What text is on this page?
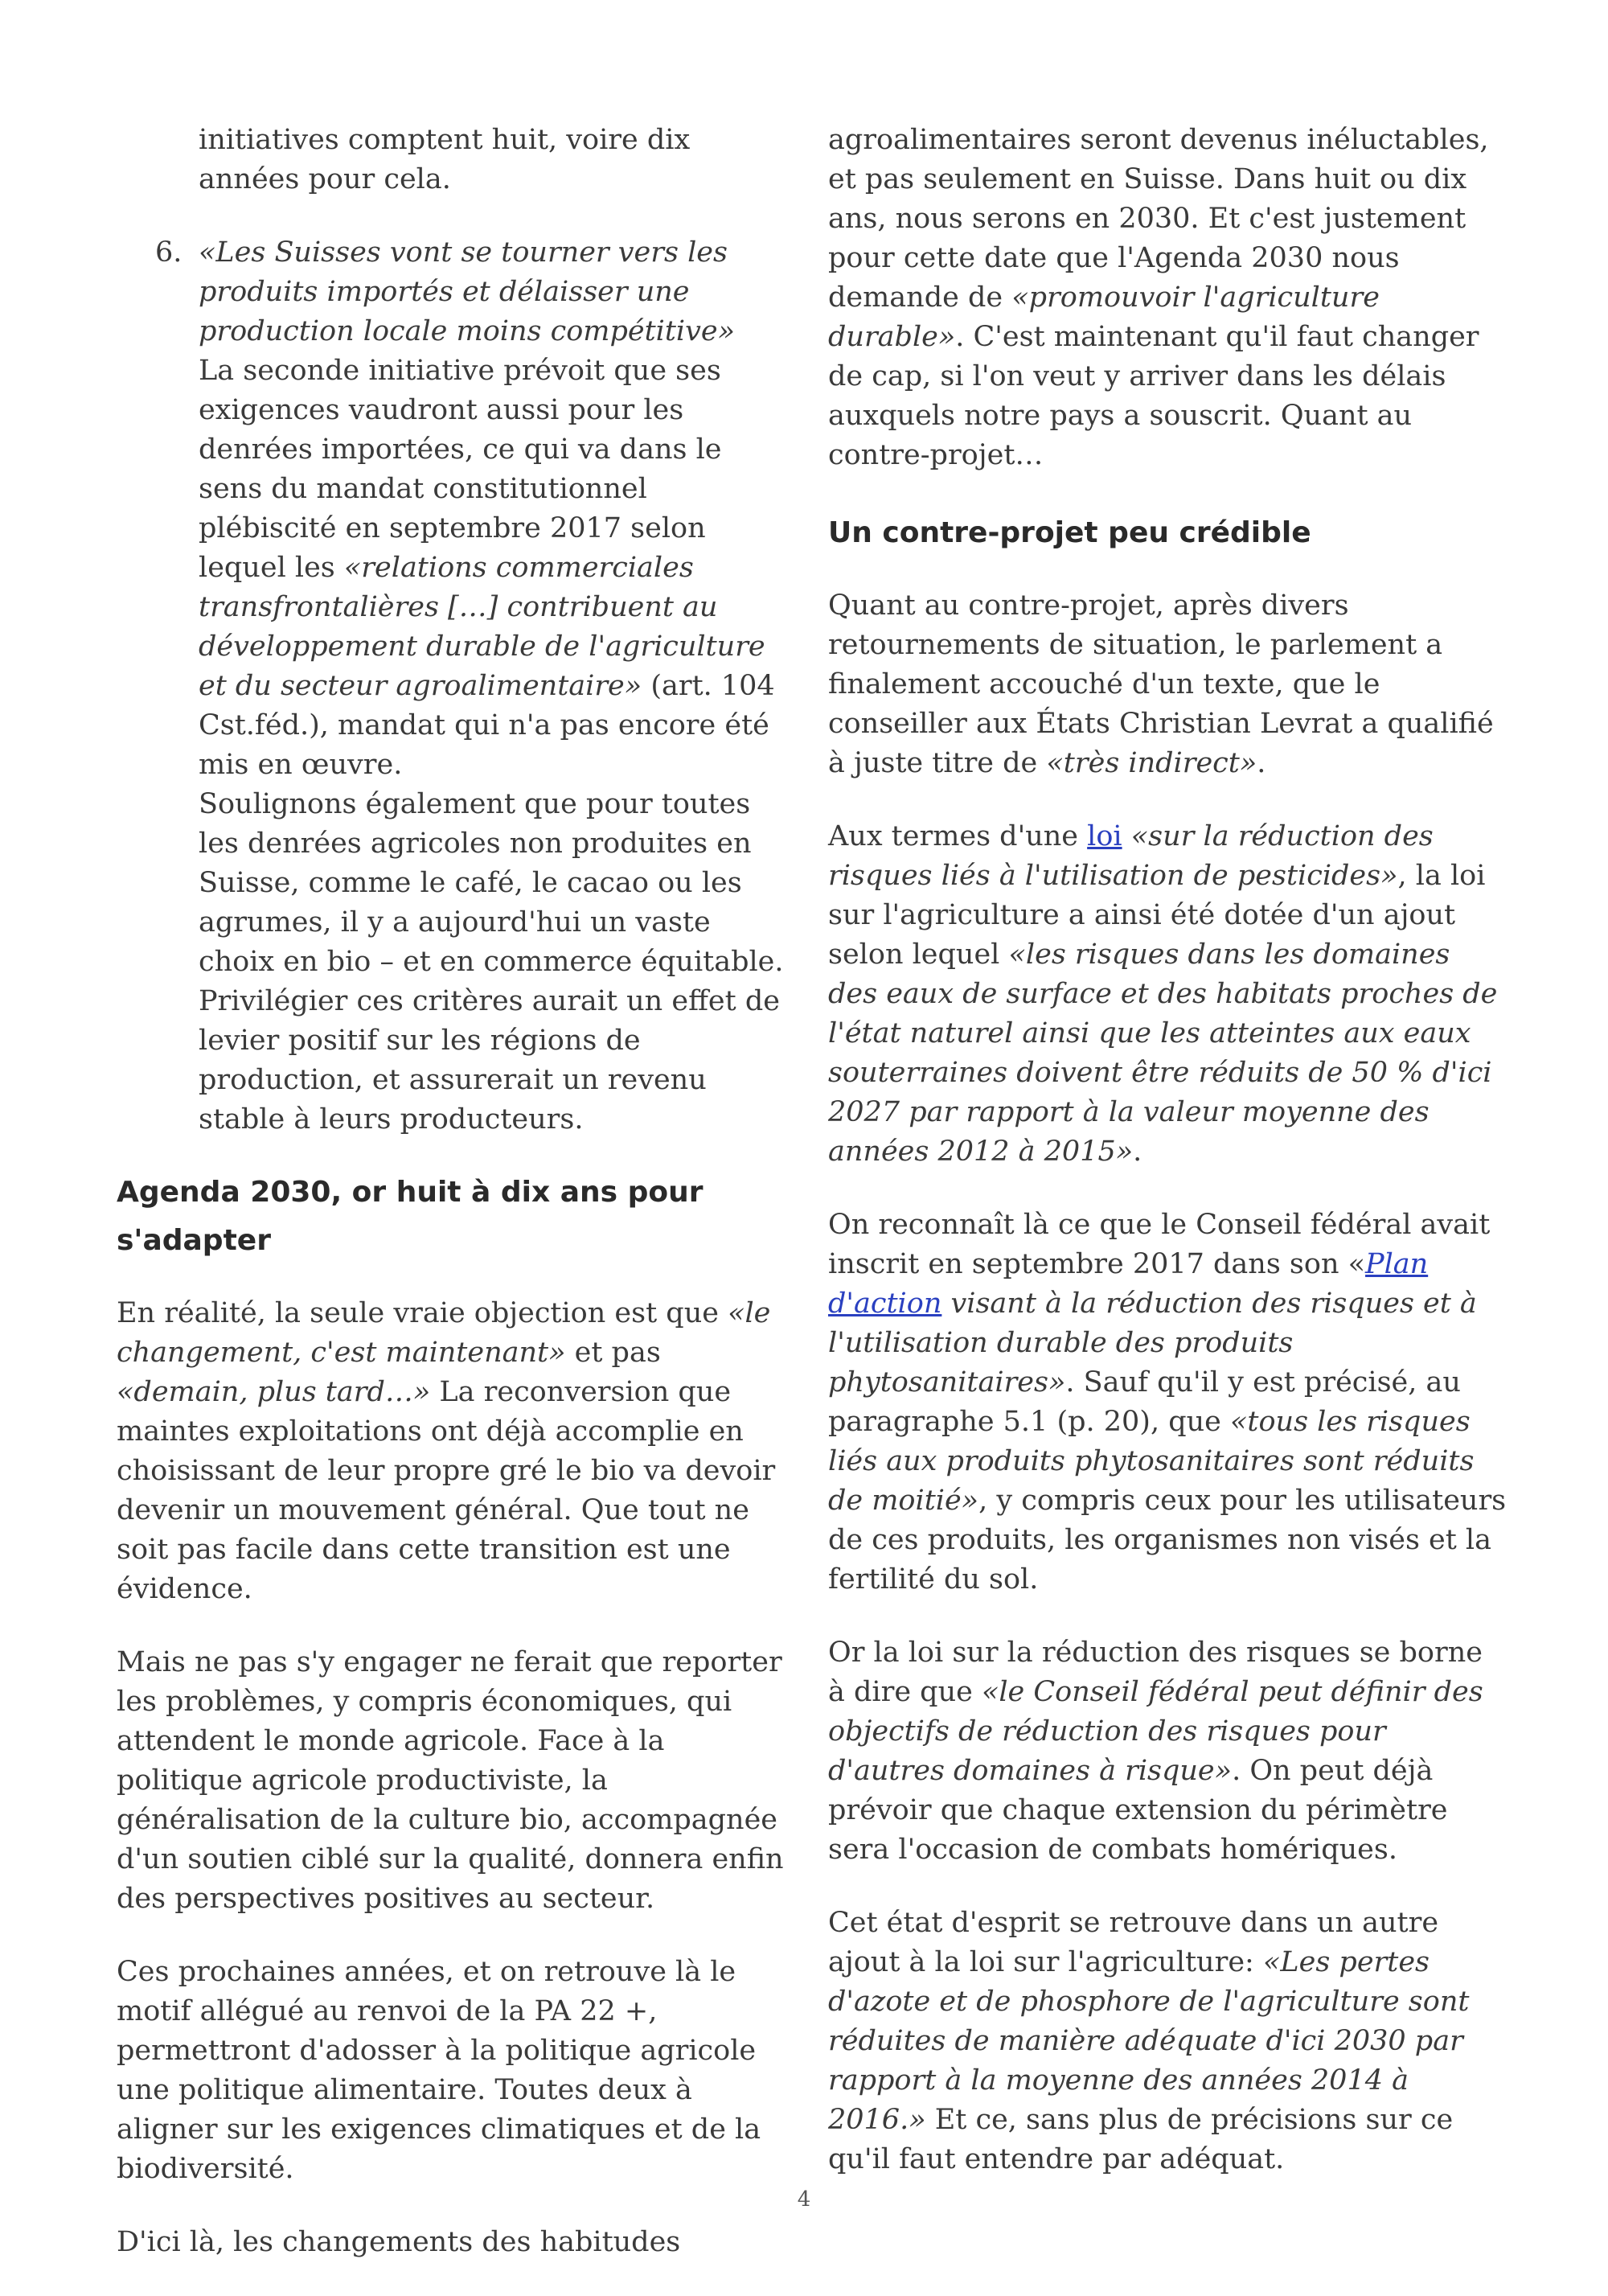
initiatives comptent huit, voire dix années pour cela.

6. «Les Suisses vont se tourner vers les produits importés et délaisser une production locale moins compétitive»
La seconde initiative prévoit que ses exigences vaudront aussi pour les denrées importées, ce qui va dans le sens du mandat constitutionnel plébiscité en septembre 2017 selon lequel les «relations commerciales transfrontalières […] contribuent au développement durable de l'agriculture et du secteur agroalimentaire» (art. 104 Cst.féd.), mandat qui n'a pas encore été mis en œuvre.
Soulignons également que pour toutes les denrées agricoles non produites en Suisse, comme le café, le cacao ou les agrumes, il y a aujourd'hui un vaste choix en bio – et en commerce équitable. Privilégier ces critères aurait un effet de levier positif sur les régions de production, et assurerait un revenu stable à leurs producteurs.
Agenda 2030, or huit à dix ans pour s'adapter

En réalité, la seule vraie objection est que «le changement, c'est maintenant» et pas «demain, plus tard…» La reconversion que maintes exploitations ont déjà accomplie en choisissant de leur propre gré le bio va devoir devenir un mouvement général. Que tout ne soit pas facile dans cette transition est une évidence.

Mais ne pas s'y engager ne ferait que reporter les problèmes, y compris économiques, qui attendent le monde agricole. Face à la politique agricole productiviste, la généralisation de la culture bio, accompagnée d'un soutien ciblé sur la qualité, donnera enfin des perspectives positives au secteur.

Ces prochaines années, et on retrouve là le motif allégué au renvoi de la PA 22 +, permettront d'adosser à la politique agricole une politique alimentaire. Toutes deux à aligner sur les exigences climatiques et de la biodiversité.

D'ici là, les changements des habitudes

agroalimentaires seront devenus inéluctables, et pas seulement en Suisse. Dans huit ou dix ans, nous serons en 2030. Et c'est justement pour cette date que l'Agenda 2030 nous demande de «promouvoir l'agriculture durable». C'est maintenant qu'il faut changer de cap, si l'on veut y arriver dans les délais auxquels notre pays a souscrit. Quant au contre-projet…

Un contre-projet peu crédible

Quant au contre-projet, après divers retournements de situation, le parlement a finalement accouché d'un texte, que le conseiller aux États Christian Levrat a qualifié à juste titre de «très indirect».

Aux termes d'une loi «sur la réduction des risques liés à l'utilisation de pesticides», la loi sur l'agriculture a ainsi été dotée d'un ajout selon lequel «les risques dans les domaines des eaux de surface et des habitats proches de l'état naturel ainsi que les atteintes aux eaux souterraines doivent être réduits de 50 % d'ici 2027 par rapport à la valeur moyenne des années 2012 à 2015».

On reconnaît là ce que le Conseil fédéral avait inscrit en septembre 2017 dans son «Plan d'action visant à la réduction des risques et à l'utilisation durable des produits phytosanitaires». Sauf qu'il y est précisé, au paragraphe 5.1 (p. 20), que «tous les risques liés aux produits phytosanitaires sont réduits de moitié», y compris ceux pour les utilisateurs de ces produits, les organismes non visés et la fertilité du sol.

Or la loi sur la réduction des risques se borne à dire que «le Conseil fédéral peut définir des objectifs de réduction des risques pour d'autres domaines à risque». On peut déjà prévoir que chaque extension du périmètre sera l'occasion de combats homériques.

Cet état d'esprit se retrouve dans un autre ajout à la loi sur l'agriculture: «Les pertes d'azote et de phosphore de l'agriculture sont réduites de manière adéquate d'ici 2030 par rapport à la moyenne des années 2014 à 2016.» Et ce, sans plus de précisions sur ce qu'il faut entendre par adéquat.

4
